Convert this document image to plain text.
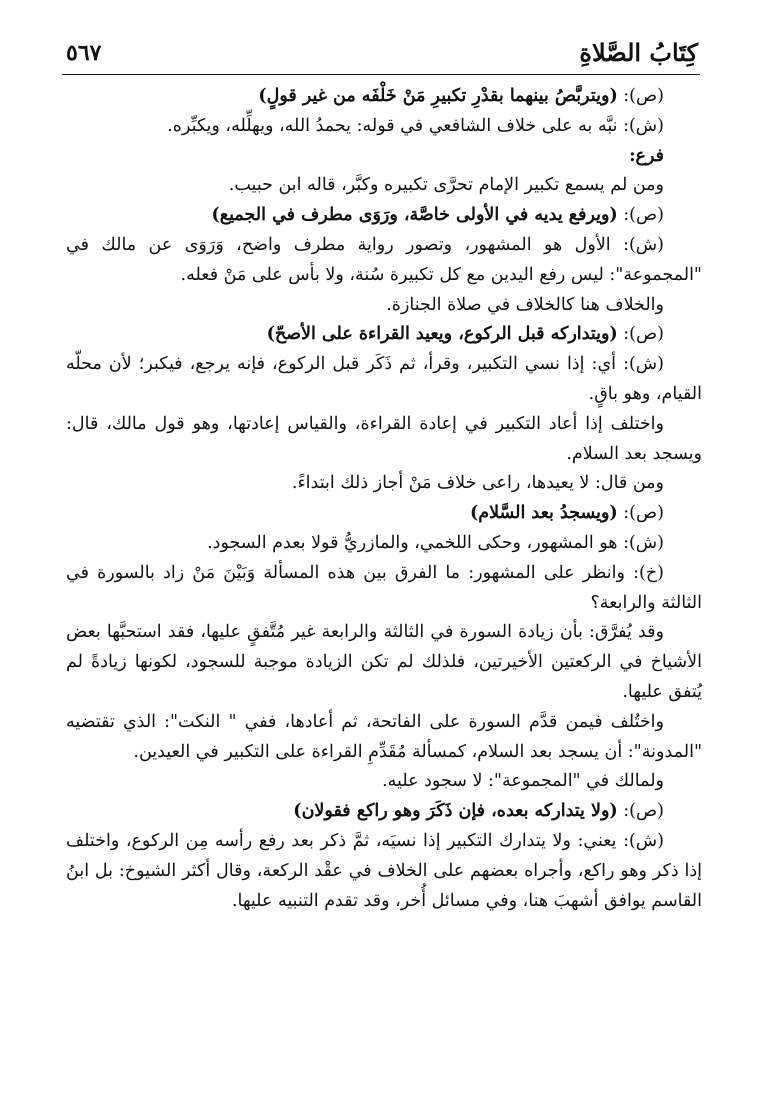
٥٦٧	كِتَابُ الصَّلاةِ

(ص): (ويتربَّصُ بينهما بقدْرِ تكبيرِ مَنْ خَلْفَه من غير قولٍ)

(ش): نبَّه به على خلاف الشافعي في قوله: يحمدُ الله، ويهلِّله، ويكبِّره.

فرع:

ومن لم يسمع تكبير الإمام تحرَّى تكبيره وكبَّر، قاله ابن حبيب.

(ص): (ويرفع يديه في الأولى خاصَّة، ورَوَى مطرف في الجميع)

(ش): الأول هو المشهور، وتصور رواية مطرف واضح، وَرَوَى عن مالك في "المجموعة": ليس رفع اليدين مع كل تكبيرة سُنة، ولا بأس على مَنْ فعله.

والخلاف هنا كالخلاف في صلاة الجنازة.

(ص): (ويتداركه قبل الركوع، ويعيد القراءة على الأصحّ)

(ش): أي: إذا نسي التكبير، وقرأ، ثم ذَكَر قبل الركوع، فإنه يرجع، فيكبر؛ لأن محلّه القيام، وهو باقٍ.

واختلف إذا أعاد التكبير في إعادة القراءة، والقياس إعادتها، وهو قول مالك، قال: ويسجد بعد السلام.

ومن قال: لا يعيدها، راعى خلاف مَنْ أجاز ذلك ابتداءً.

(ص): (ويسجدُ بعد السَّلام)

(ش): هو المشهور، وحكى اللخمي، والمازريُّ قولا بعدم السجود.

(خ): وانظر على المشهور: ما الفرق بين هذه المسألة وَبَيْنَ مَنْ زاد بالسورة في الثالثة والرابعة؟

وقد يُفرَّق: بأن زيادة السورة في الثالثة والرابعة غير مُتَّفقٍ عليها، فقد استحبَّها بعض الأشياخ في الركعتين الأخيرتين، فلذلك لم تكن الزيادة موجبة للسجود، لكونها زيادةً لم يُتفق عليها.

واختُلف فيمن قدَّم السورة على الفاتحة، ثم أعادها، ففي " النكت": الذي تقتضيه "المدونة": أن يسجد بعد السلام، كمسألة مُقَدِّمِ القراءة على التكبير في العيدين.

ولمالك في "المجموعة": لا سجود عليه.

(ص): (ولا يتداركه بعده، فإن ذَكَرَ وهو راكع فقولان)

(ش): يعني: ولا يتدارك التكبير إذا نسيَه، ثمَّ ذكر بعد رفع رأسه مِن الركوع، واختلف إذا ذكر وهو راكع، وأجراه بعضهم على الخلاف في عقْد الركعة، وقال أكثر الشيوخ: بل ابنُ القاسم يوافق أشهبَ هنا، وفي مسائل أُخر، وقد تقدم التنبيه عليها.
